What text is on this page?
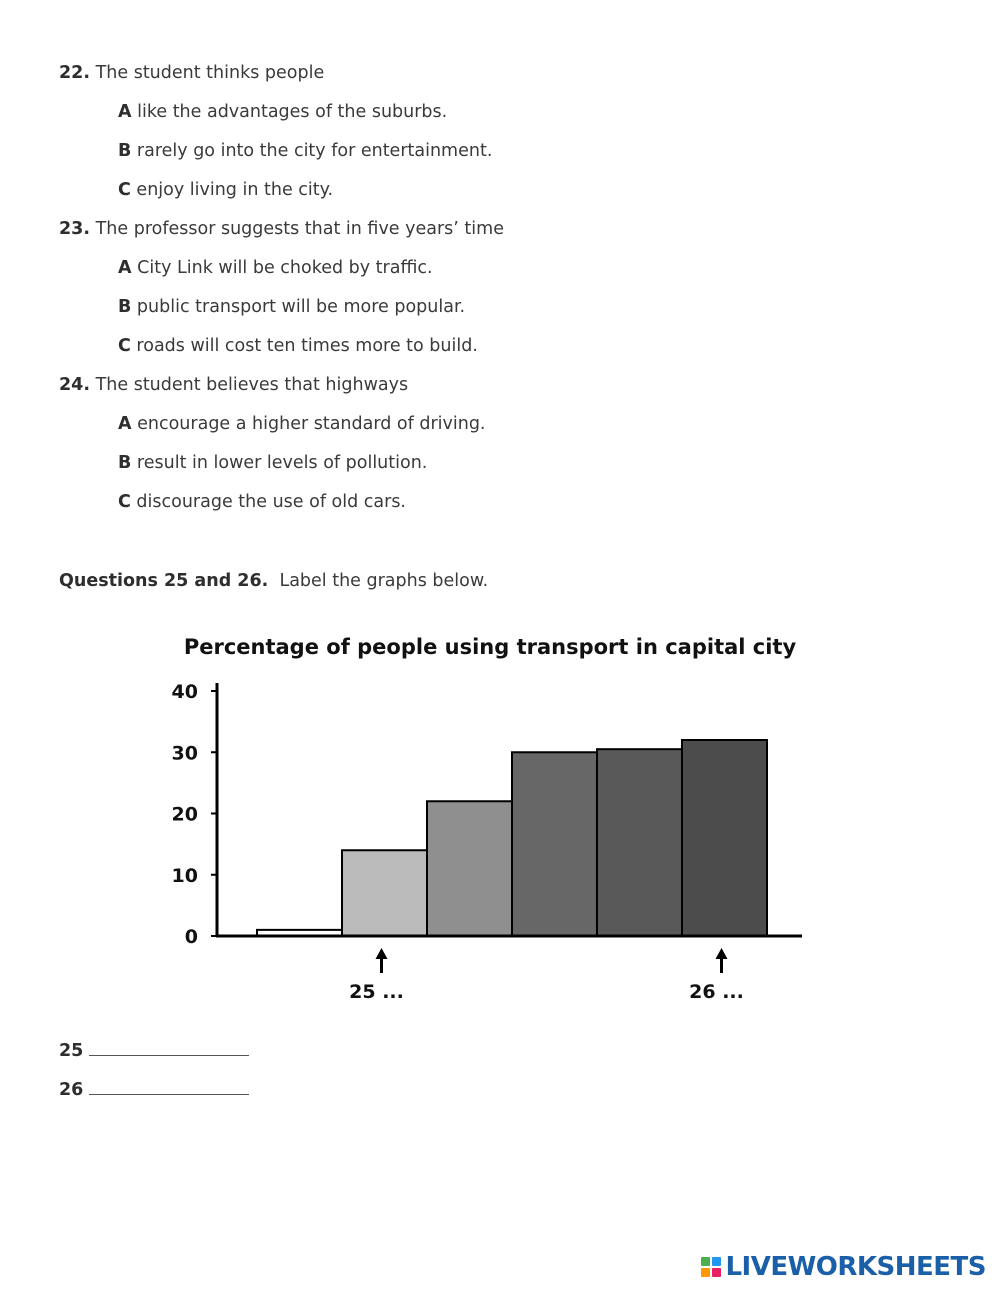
22. The student thinks people
A like the advantages of the suburbs.
B rarely go into the city for entertainment.
C enjoy living in the city.
23. The professor suggests that in five years’ time
A City Link will be choked by traffic.
B public transport will be more popular.
C roads will cost ten times more to build.
24. The student believes that highways
A encourage a higher standard of driving.
B result in lower levels of pollution.
C discourage the use of old cars.
Questions 25 and 26. Label the graphs below.
Percentage of people using transport in capital city
0
10
20
30
40
25 ...	26 ...
25
26
LIVEWORKSHEETS
